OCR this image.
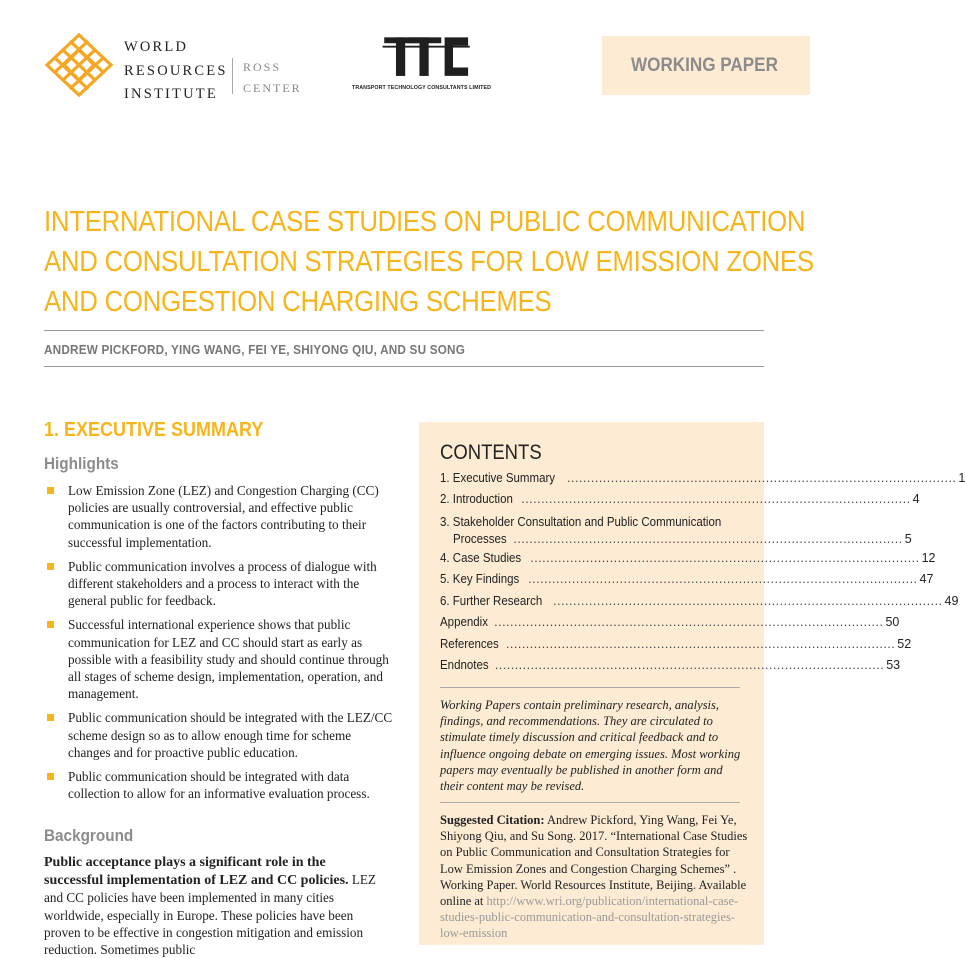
WORLD
RESOURCES
INSTITUTE
ROSS
CENTER	TRANSPORT TECHNOLOGY CONSULTANTS LIMITED
WORKING PAPER
INTERNATIONAL CASE STUDIES ON PUBLIC COMMUNICATION
AND CONSULTATION STRATEGIES FOR LOW EMISSION ZONES
AND CONGESTION CHARGING SCHEMES
ANDREW PICKFORD, YING WANG, FEI YE, SHIYONG QIU, AND SU SONG
1. EXECUTIVE SUMMARY
Highlights
Low Emission Zone (LEZ) and Congestion Charging (CC) policies are usually controversial, and effective public communication is one of the factors contributing to their successful implementation.
Public communication involves a process of dialogue with different stakeholders and a process to interact with the general public for feedback.
Successful international experience shows that public communication for LEZ and CC should start as early as possible with a feasibility study and should continue through all stages of scheme design, implementation, operation, and management.
Public communication should be integrated with the LEZ/CC scheme design so as to allow enough time for scheme changes and for proactive public education.
Public communication should be integrated with data collection to allow for an informative evaluation process.
Background
Public acceptance plays a significant role in the successful implementation of LEZ and CC policies. LEZ and CC policies have been implemented in many cities worldwide, especially in Europe. These policies have been proven to be effective in congestion mitigation and emission reduction. Sometimes public
CONTENTS
1. Executive Summary .................................................................................................. 1
2. Introduction .................................................................................................. 4
3. Stakeholder Consultation and Public Communication
Processes .................................................................................................. 5
4. Case Studies .................................................................................................. 12
5. Key Findings .................................................................................................. 47
6. Further Research .................................................................................................. 49
Appendix .................................................................................................. 50
References .................................................................................................. 52
Endnotes .................................................................................................. 53
Working Papers contain preliminary research, analysis, findings, and recommendations. They are circulated to stimulate timely discussion and critical feedback and to influence ongoing debate on emerging issues. Most working papers may eventually be published in another form and their content may be revised.
Suggested Citation: Andrew Pickford, Ying Wang, Fei Ye, Shiyong Qiu, and Su Song. 2017. “International Case Studies on Public Communication and Consultation Strategies for Low Emission Zones and Congestion Charging Schemes” . Working Paper. World Resources Institute, Beijing. Available online at http://www.wri.org/publication/international-case-studies-public-communication-and-consultation-strategies-low-emission
